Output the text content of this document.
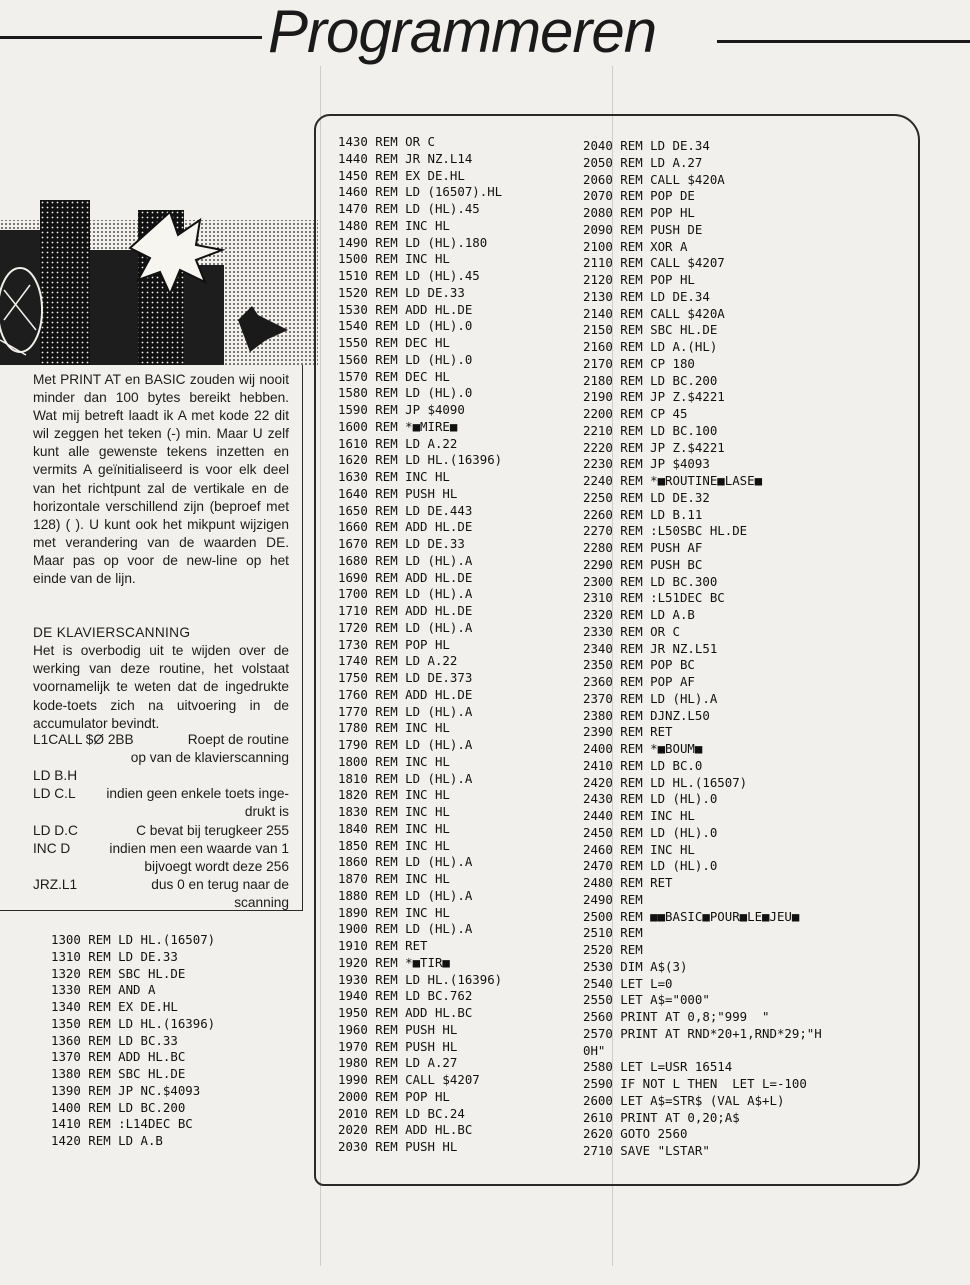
Programmeren

Met PRINT AT en BASIC zouden wij nooit minder dan 100 bytes bereikt hebben. Wat mij betreft laadt ik A met kode 22 dit wil zeggen het teken (-) min. Maar U zelf kunt alle gewenste tekens inzetten en vermits A geïnitialiseerd is voor elk deel van het richtpunt zal de vertikale en de horizontale verschillend zijn (beproef met 128) ( ). U kunt ook het mikpunt wijzigen met verandering van de waarden DE. Maar pas op voor de new-line op het einde van de lijn.

DE KLAVIERSCANNING
Het is overbodig uit te wijden over de werking van deze routine, het volstaat voornamelijk te weten dat de ingedrukte kode-toets zich na uitvoering in de accumulator bevindt.
L1CALL $Ø 2BB	Roept de routine
op van de klavierscanning
LD B.H
LD C.L indien geen enkele toets inge-
drukt is
LD D.C	C bevat bij terugkeer 255
INC D	indien men een waarde van 1
bijvoegt wordt deze 256
JRZ.L1	dus 0 en terug naar de
scanning
1430 REM OR C
1440 REM JR NZ.L14
1450 REM EX DE.HL
1460 REM LD (16507).HL
1470 REM LD (HL).45
1480 REM INC HL
1490 REM LD (HL).180
1500 REM INC HL
1510 REM LD (HL).45
1520 REM LD DE.33
1530 REM ADD HL.DE
1540 REM LD (HL).0
1550 REM DEC HL
1560 REM LD (HL).0
1570 REM DEC HL
1580 REM LD (HL).0
1590 REM JP $4090
1600 REM *■MIRE■
1610 REM LD A.22
1620 REM LD HL.(16396)
1630 REM INC HL
1640 REM PUSH HL
1650 REM LD DE.443
1660 REM ADD HL.DE
1670 REM LD DE.33
1680 REM LD (HL).A
1690 REM ADD HL.DE
1700 REM LD (HL).A
1710 REM ADD HL.DE
1720 REM LD (HL).A
1730 REM POP HL
1740 REM LD A.22
1750 REM LD DE.373
1760 REM ADD HL.DE
1770 REM LD (HL).A
1780 REM INC HL
1790 REM LD (HL).A
1800 REM INC HL
1810 REM LD (HL).A
1820 REM INC HL
1830 REM INC HL
1840 REM INC HL
1850 REM INC HL
1860 REM LD (HL).A
1870 REM INC HL
1880 REM LD (HL).A
1890 REM INC HL
1900 REM LD (HL).A
1910 REM RET
1920 REM *■TIR■
1930 REM LD HL.(16396)
1940 REM LD BC.762
1950 REM ADD HL.BC
1960 REM PUSH HL
1970 REM PUSH HL
1980 REM LD A.27
1990 REM CALL $4207
2000 REM POP HL
2010 REM LD BC.24
2020 REM ADD HL.BC
2030 REM PUSH HL
2040 REM LD DE.34
2050 REM LD A.27
2060 REM CALL $420A
2070 REM POP DE
2080 REM POP HL
2090 REM PUSH DE
2100 REM XOR A
2110 REM CALL $4207
2120 REM POP HL
2130 REM LD DE.34
2140 REM CALL $420A
2150 REM SBC HL.DE
2160 REM LD A.(HL)
2170 REM CP 180
2180 REM LD BC.200
2190 REM JP Z.$4221
2200 REM CP 45
2210 REM LD BC.100
2220 REM JP Z.$4221
2230 REM JP $4093
2240 REM *■ROUTINE■LASE■
2250 REM LD DE.32
2260 REM LD B.11
2270 REM :L50SBC HL.DE
2280 REM PUSH AF
2290 REM PUSH BC
2300 REM LD BC.300
2310 REM :L51DEC BC
2320 REM LD A.B
2330 REM OR C
2340 REM JR NZ.L51
2350 REM POP BC
2360 REM POP AF
2370 REM LD (HL).A
2380 REM DJNZ.L50
2390 REM RET
2400 REM *■BOUM■
2410 REM LD BC.0
2420 REM LD HL.(16507)
2430 REM LD (HL).0
2440 REM INC HL
2450 REM LD (HL).0
2460 REM INC HL
2470 REM LD (HL).0
2480 REM RET
2490 REM
2500 REM ■■BASIC■POUR■LE■JEU■
2510 REM
2520 REM
2530 DIM A$(3)
2540 LET L=0
2550 LET A$="000"
2560 PRINT AT 0,8;"999  "
2570 PRINT AT RND*20+1,RND*29;"H
0H"
2580 LET L=USR 16514
2590 IF NOT L THEN  LET L=-100
2600 LET A$=STR$ (VAL A$+L)
2610 PRINT AT 0,20;A$
2620 GOTO 2560
2710 SAVE "LSTAR"
1300 REM LD HL.(16507)
1310 REM LD DE.33
1320 REM SBC HL.DE
1330 REM AND A
1340 REM EX DE.HL
1350 REM LD HL.(16396)
1360 REM LD BC.33
1370 REM ADD HL.BC
1380 REM SBC HL.DE
1390 REM JP NC.$4093
1400 REM LD BC.200
1410 REM :L14DEC BC
1420 REM LD A.B
